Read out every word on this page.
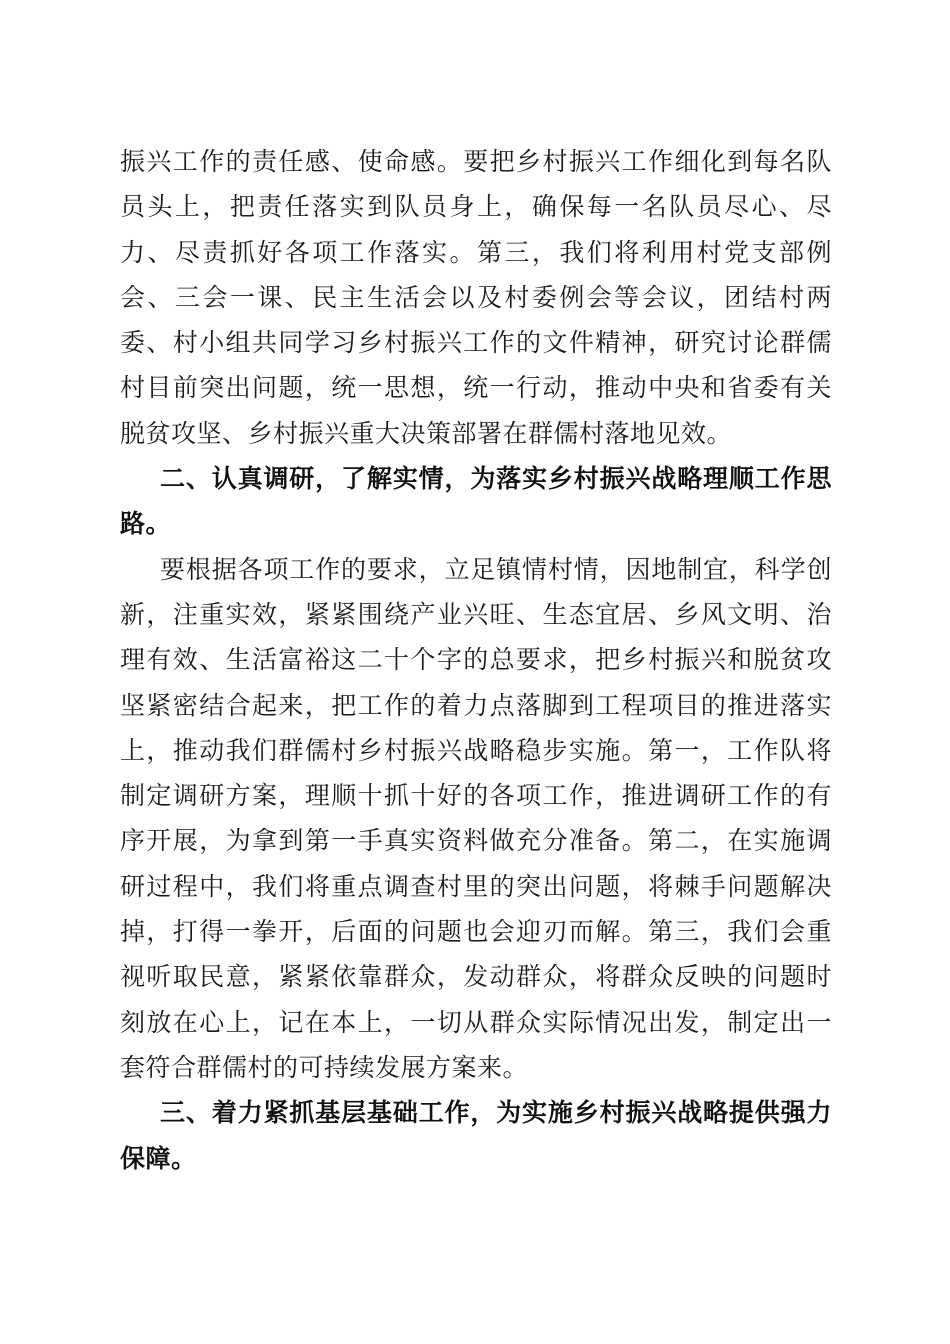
振兴工作的责任感、使命感。要把乡村振兴工作细化到每名队员头上，把责任落实到队员身上，确保每一名队员尽心、尽力、尽责抓好各项工作落实。第三，我们将利用村党支部例会、三会一课、民主生活会以及村委例会等会议，团结村两委、村小组共同学习乡村振兴工作的文件精神，研究讨论群儒村目前突出问题，统一思想，统一行动，推动中央和省委有关脱贫攻坚、乡村振兴重大决策部署在群儒村落地见效。

二、认真调研，了解实情，为落实乡村振兴战略理顺工作思路。

要根据各项工作的要求，立足镇情村情，因地制宜，科学创新，注重实效，紧紧围绕产业兴旺、生态宜居、乡风文明、治理有效、生活富裕这二十个字的总要求，把乡村振兴和脱贫攻坚紧密结合起来，把工作的着力点落脚到工程项目的推进落实上，推动我们群儒村乡村振兴战略稳步实施。第一，工作队将制定调研方案，理顺十抓十好的各项工作，推进调研工作的有序开展，为拿到第一手真实资料做充分准备。第二，在实施调研过程中，我们将重点调查村里的突出问题，将棘手问题解决掉，打得一拳开，后面的问题也会迎刃而解。第三，我们会重视听取民意，紧紧依靠群众，发动群众，将群众反映的问题时刻放在心上，记在本上，一切从群众实际情况出发，制定出一套符合群儒村的可持续发展方案来。

三、着力紧抓基层基础工作，为实施乡村振兴战略提供强力保障。
